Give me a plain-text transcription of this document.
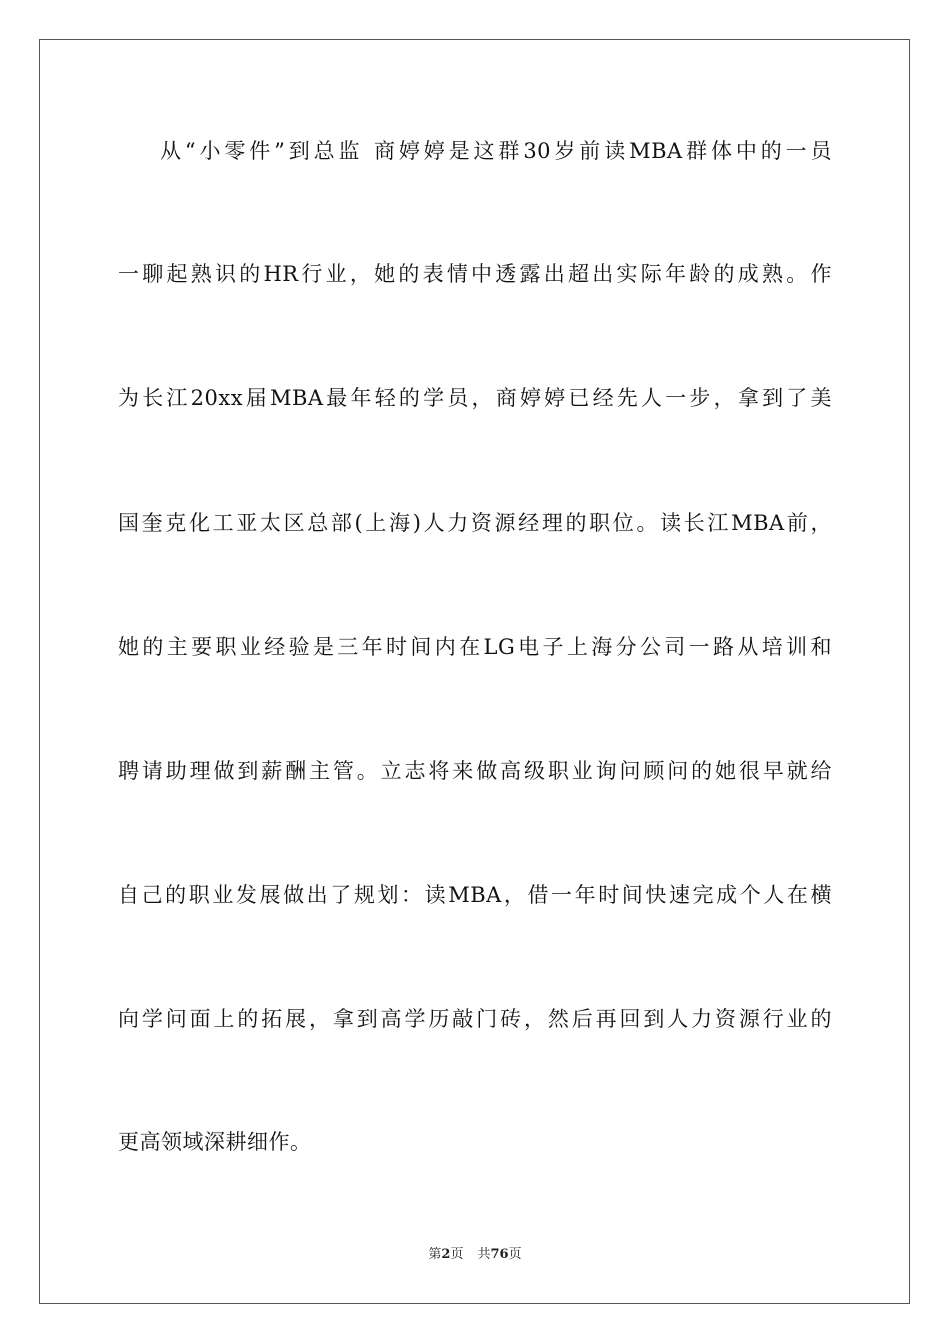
从“小零件”到总监 商婷婷是这群30岁前读MBA群体中的一员
一聊起熟识的HR行业，她的表情中透露出超出实际年龄的成熟。作
为长江20xx届MBA最年轻的学员，商婷婷已经先人一步，拿到了美
国奎克化工亚太区总部(上海)人力资源经理的职位。读长江MBA前，
她的主要职业经验是三年时间内在LG电子上海分公司一路从培训和
聘请助理做到薪酬主管。立志将来做高级职业询问顾问的她很早就给
自己的职业发展做出了规划：读MBA，借一年时间快速完成个人在横
向学问面上的拓展，拿到高学历敲门砖，然后再回到人力资源行业的
更高领域深耕细作。
第2页 共76页
